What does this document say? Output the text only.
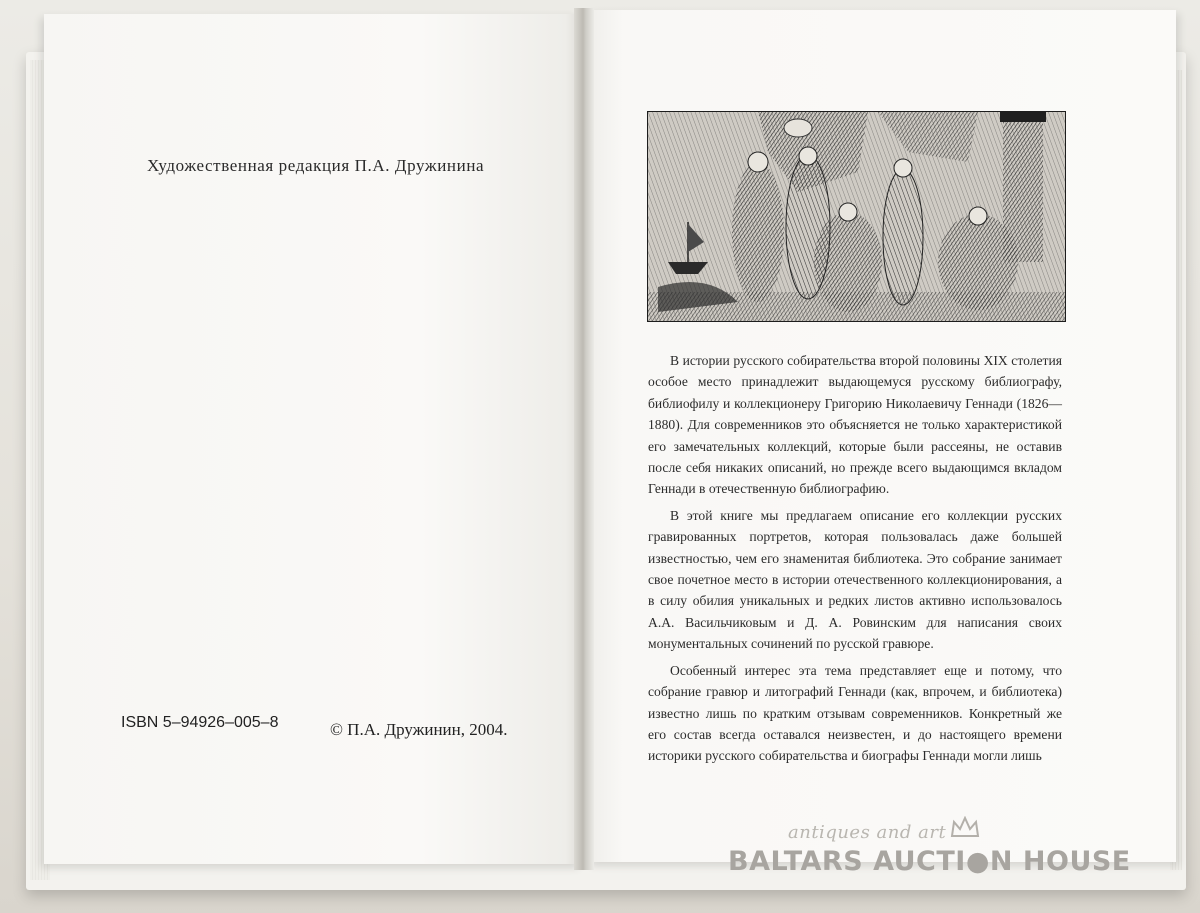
Художественная редакция П.А. Дружинина
ISBN 5–94926–005–8	© П.А. Дружинин, 2004.

В истории русского собирательства второй половины XIX столетия особое место принадлежит выдающемуся русскому библиографу, библиофилу и коллекционеру Григорию Николаевичу Геннади (1826—1880). Для современников это объясняется не только характеристикой его замечательных коллекций, которые были рассеяны, не оставив после себя никаких описаний, но прежде всего выдающимся вкладом Геннади в отечественную библиографию.

В этой книге мы предлагаем описание его коллекции русских гравированных портретов, которая пользовалась даже большей известностью, чем его знаменитая библиотека. Это собрание занимает свое почетное место в истории отечественного коллекционирования, а в силу обилия уникальных и редких листов активно использовалось А.А. Васильчиковым и Д. А. Ровинским для написания своих монументальных сочинений по русской гравюре.

Особенный интерес эта тема представляет еще и потому, что собрание гравюр и литографий Геннади (как, впрочем, и библиотека) известно лишь по кратким отзывам современников. Конкретный же его состав всегда оставался неизвестен, и до настоящего времени историки русского собирательства и биографы Геннади могли лишь

antiques and art
BALTARS AUCTI●N HOUSE
